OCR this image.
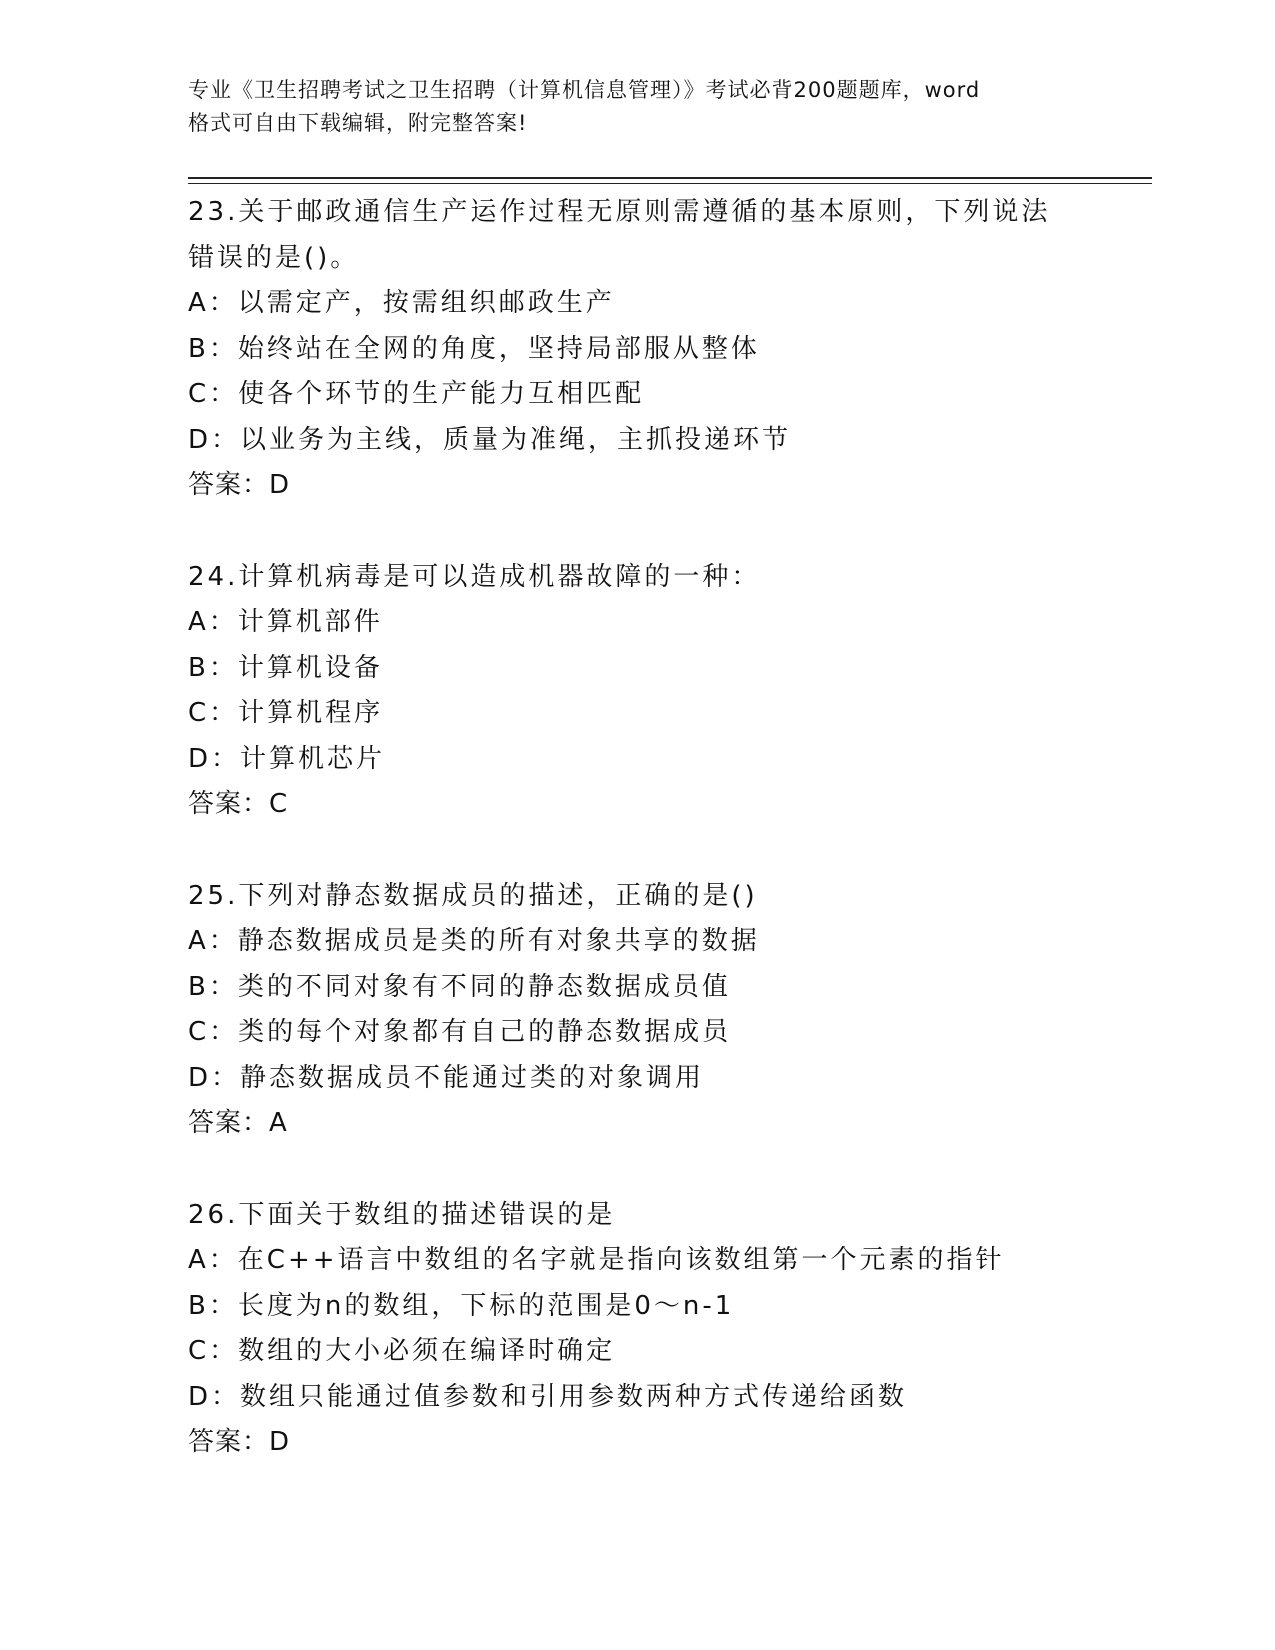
专业《卫生招聘考试之卫生招聘（计算机信息管理）》考试必背200题题库，word
格式可自由下载编辑，附完整答案!
23.关于邮政通信生产运作过程无原则需遵循的基本原则，下列说法错误的是()。
A：以需定产，按需组织邮政生产
B：始终站在全网的角度，坚持局部服从整体
C：使各个环节的生产能力互相匹配
D：以业务为主线，质量为准绳，主抓投递环节
答案：D
24.计算机病毒是可以造成机器故障的一种：
A：计算机部件
B：计算机设备
C：计算机程序
D：计算机芯片
答案：C
25.下列对静态数据成员的描述，正确的是()
A：静态数据成员是类的所有对象共享的数据
B：类的不同对象有不同的静态数据成员值
C：类的每个对象都有自己的静态数据成员
D：静态数据成员不能通过类的对象调用
答案：A
26.下面关于数组的描述错误的是
A：在C++语言中数组的名字就是指向该数组第一个元素的指针
B：长度为n的数组，下标的范围是0～n-1
C：数组的大小必须在编译时确定
D：数组只能通过值参数和引用参数两种方式传递给函数
答案：D
